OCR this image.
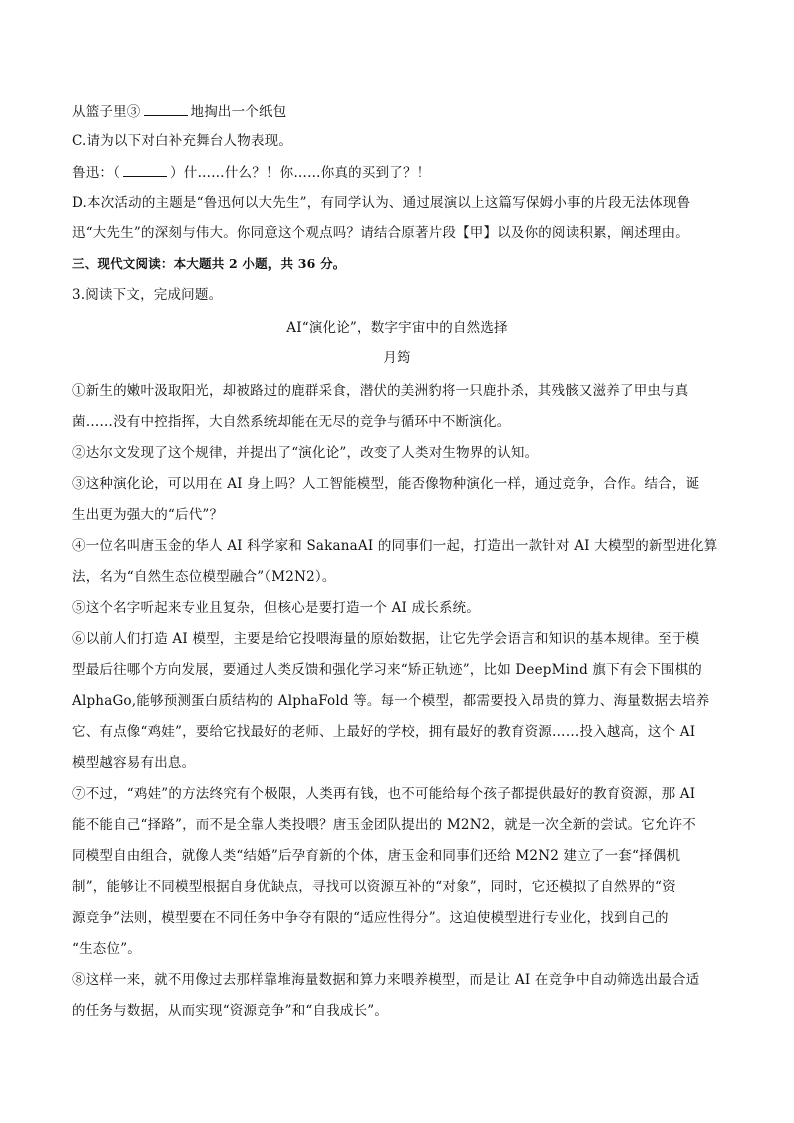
从篮子里③	地掏出一个纸包
C.请为以下对白补充舞台人物表现。
鲁迅：（	）什……什么？！你……你真的买到了？！
D.本次活动的主题是“鲁迅何以大先生”，有同学认为、通过展演以上这篇写保姆小事的片段无法体现鲁
迅“大先生”的深刻与伟大。你同意这个观点吗？请结合原著片段【甲】以及你的阅读积累，阐述理由。
三、现代文阅读：本大题共 2 小题，共 36 分。
3.阅读下文，完成问题。
AI“演化论”，数字宇宙中的自然选择
月筠
①新生的嫩叶汲取阳光，却被路过的鹿群采食，潜伏的美洲豹将一只鹿扑杀，其残骸又滋养了甲虫与真
菌……没有中控指挥，大自然系统却能在无尽的竞争与循环中不断演化。
②达尔文发现了这个规律，并提出了“演化论”，改变了人类对生物界的认知。
③这种演化论，可以用在 AI 身上吗？人工智能模型，能否像物种演化一样，通过竞争，合作。结合，诞
生出更为强大的“后代”？
④一位名叫唐玉金的华人 AI 科学家和 SakanaAI 的同事们一起，打造出一款针对 AI 大模型的新型进化算
法，名为“自然生态位模型融合”（M2N2）。
⑤这个名字听起来专业且复杂，但核心是要打造一个 AI 成长系统。
⑥以前人们打造 AI 模型，主要是给它投喂海量的原始数据，让它先学会语言和知识的基本规律。至于模
型最后往哪个方向发展，要通过人类反馈和强化学习来“矫正轨迹”，比如 DeepMind 旗下有会下围棋的
AlphaGo,能够预测蛋白质结构的 AlphaFold 等。每一个模型，都需要投入昂贵的算力、海量数据去培养
它、有点像“鸡娃”，要给它找最好的老师、上最好的学校，拥有最好的教育资源……投入越高，这个 AI
模型越容易有出息。
⑦不过，“鸡娃”的方法终究有个极限，人类再有钱，也不可能给每个孩子都提供最好的教育资源，那 AI
能不能自己“择路”，而不是全靠人类投喂？唐玉金团队提出的 M2N2，就是一次全新的尝试。它允许不
同模型自由组合，就像人类“结婚”后孕育新的个体，唐玉金和同事们还给 M2N2 建立了一套“择偶机
制”，能够让不同模型根据自身优缺点，寻找可以资源互补的“对象”，同时，它还模拟了自然界的“资
源竞争”法则，模型要在不同任务中争夺有限的“适应性得分”。这迫使模型进行专业化，找到自己的
“生态位”。
⑧这样一来，就不用像过去那样靠堆海量数据和算力来喂养模型，而是让 AI 在竞争中自动筛选出最合适
的任务与数据，从而实现“资源竞争”和“自我成长”。
